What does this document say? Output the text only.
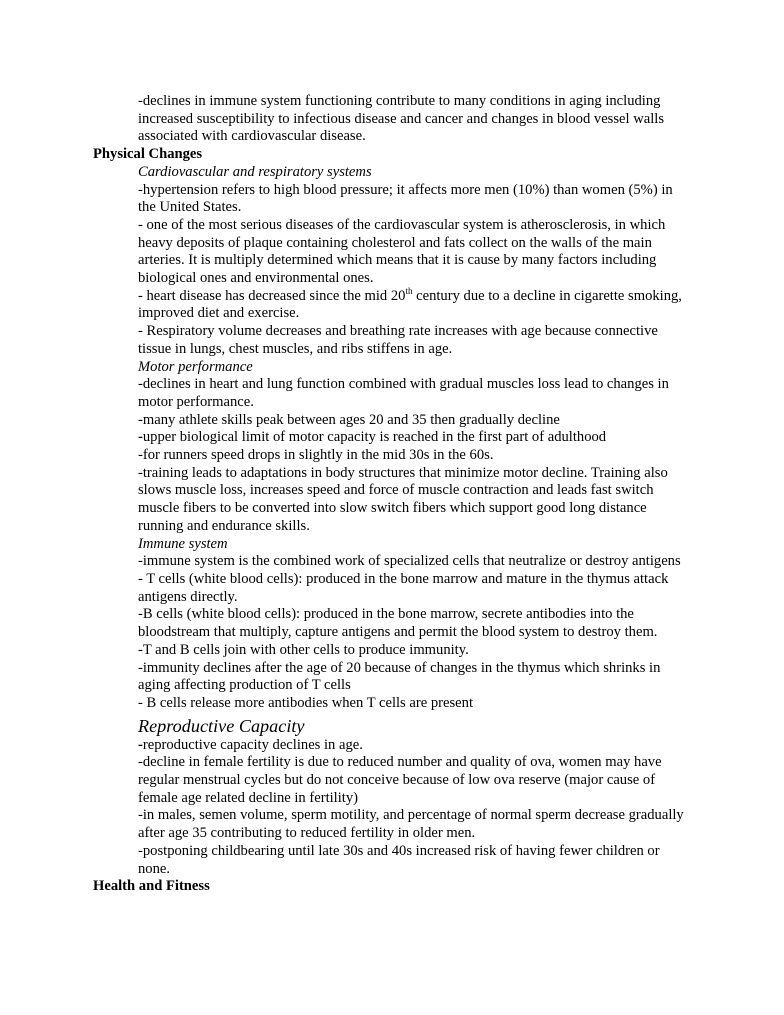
-declines in immune system functioning contribute to many conditions in aging including increased susceptibility to infectious disease and cancer and changes in blood vessel walls associated with cardiovascular disease.

Physical Changes

Cardiovascular and respiratory systems

-hypertension refers to high blood pressure; it affects more men (10%) than women (5%) in the United States.

- one of the most serious diseases of the cardiovascular system is atherosclerosis, in which heavy deposits of plaque containing cholesterol and fats collect on the walls of the main arteries. It is multiply determined which means that it is cause by many factors including biological ones and environmental ones.

- heart disease has decreased since the mid 20th century due to a decline in cigarette smoking, improved diet and exercise.

- Respiratory volume decreases and breathing rate increases with age because connective tissue in lungs, chest muscles, and ribs stiffens in age.

Motor performance

-declines in heart and lung function combined with gradual muscles loss lead to changes in motor performance.

-many athlete skills peak between ages 20 and 35 then gradually decline

-upper biological limit of motor capacity is reached in the first part of adulthood

-for runners speed drops in slightly in the mid 30s in the 60s.

-training leads to adaptations in body structures that minimize motor decline. Training also slows muscle loss, increases speed and force of muscle contraction and leads fast switch muscle fibers to be converted into slow switch fibers which support good long distance running and endurance skills.

Immune system

-immune system is the combined work of specialized cells that neutralize or destroy antigens

- T cells (white blood cells): produced in the bone marrow and mature in the thymus attack antigens directly.

-B cells (white blood cells): produced in the bone marrow, secrete antibodies into the bloodstream that multiply, capture antigens and permit the blood system to destroy them.

-T and B cells join with other cells to produce immunity.

-immunity declines after the age of 20 because of changes in the thymus which shrinks in aging affecting production of T cells

- B cells release more antibodies when T cells are present

Reproductive Capacity

-reproductive capacity declines in age.

-decline in female fertility is due to reduced number and quality of ova, women may have regular menstrual cycles but do not conceive because of low ova reserve (major cause of female age related decline in fertility)

-in males, semen volume, sperm motility, and percentage of normal sperm decrease gradually after age 35 contributing to reduced fertility in older men.

-postponing childbearing until late 30s and 40s increased risk of having fewer children or none.

Health and Fitness
